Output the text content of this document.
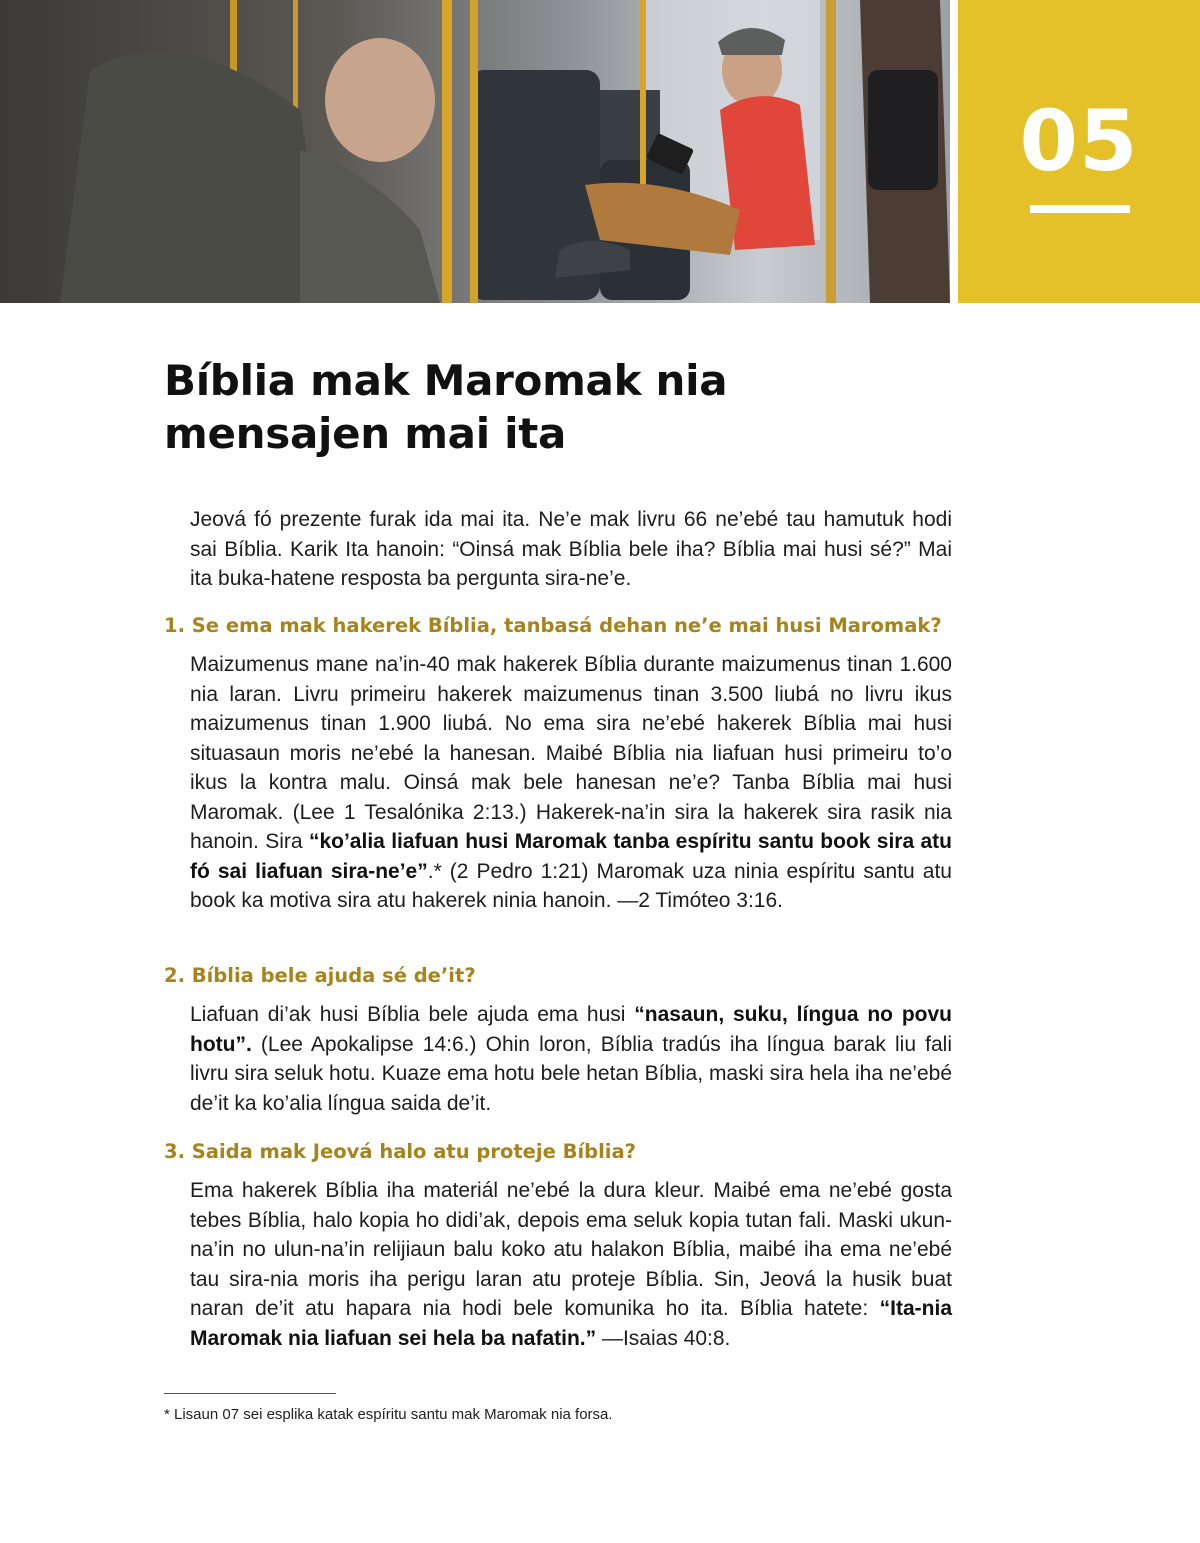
05
Bíblia mak Maromak nia
mensajen mai ita

Jeová fó prezente furak ida mai ita. Ne’e mak livru 66 ne’ebé tau hamutuk hodi sai Bíblia. Karik Ita hanoin: “Oinsá mak Bíblia bele iha? Bíblia mai husi sé?” Mai ita buka-hatene resposta ba pergunta sira-ne’e.

1. Se ema mak hakerek Bíblia, tanbasá dehan ne’e mai husi Maromak?

Maizumenus mane na’in-40 mak hakerek Bíblia durante maizumenus tinan 1.600 nia laran. Livru primeiru hakerek maizumenus tinan 3.500 liubá no livru ikus maizumenus tinan 1.900 liubá. No ema sira ne’ebé hakerek Bíblia mai husi situasaun moris ne’ebé la hanesan. Maibé Bíblia nia liafuan husi primeiru to’o ikus la kontra malu. Oinsá mak bele hanesan ne’e? Tanba Bíblia mai husi Maromak. (Lee 1 Tesalónika 2:13.) Hakerek-na’in sira la hakerek sira rasik nia hanoin. Sira “ko’alia liafuan husi Maromak tanba espíritu santu book sira atu fó sai liafuan sira-ne’e”.* (2 Pedro 1:21) Maromak uza ninia espíritu santu atu book ka motiva sira atu hakerek ninia hanoin. —2 Timóteo 3:16.

2. Bíblia bele ajuda sé de’it?

Liafuan di’ak husi Bíblia bele ajuda ema husi “nasaun, suku, língua no povu hotu”. (Lee Apokalipse 14:6.) Ohin loron, Bíblia tradús iha língua barak liu fali livru sira seluk hotu. Kuaze ema hotu bele hetan Bíblia, maski sira hela iha ne’ebé de’it ka ko’alia língua saida de’it.

3. Saida mak Jeová halo atu proteje Bíblia?

Ema hakerek Bíblia iha materiál ne’ebé la dura kleur. Maibé ema ne’ebé gosta tebes Bíblia, halo kopia ho didi’ak, depois ema seluk kopia tutan fali. Maski ukun-na’in no ulun-na’in relijiaun balu koko atu halakon Bíblia, maibé iha ema ne’ebé tau sira-nia moris iha perigu laran atu proteje Bíblia. Sin, Jeová la husik buat naran de’it atu hapara nia hodi bele komunika ho ita. Bíblia hatete: “Ita-nia Maromak nia liafuan sei hela ba nafatin.” —Isaias 40:8.

* Lisaun 07 sei esplika katak espíritu santu mak Maromak nia forsa.
